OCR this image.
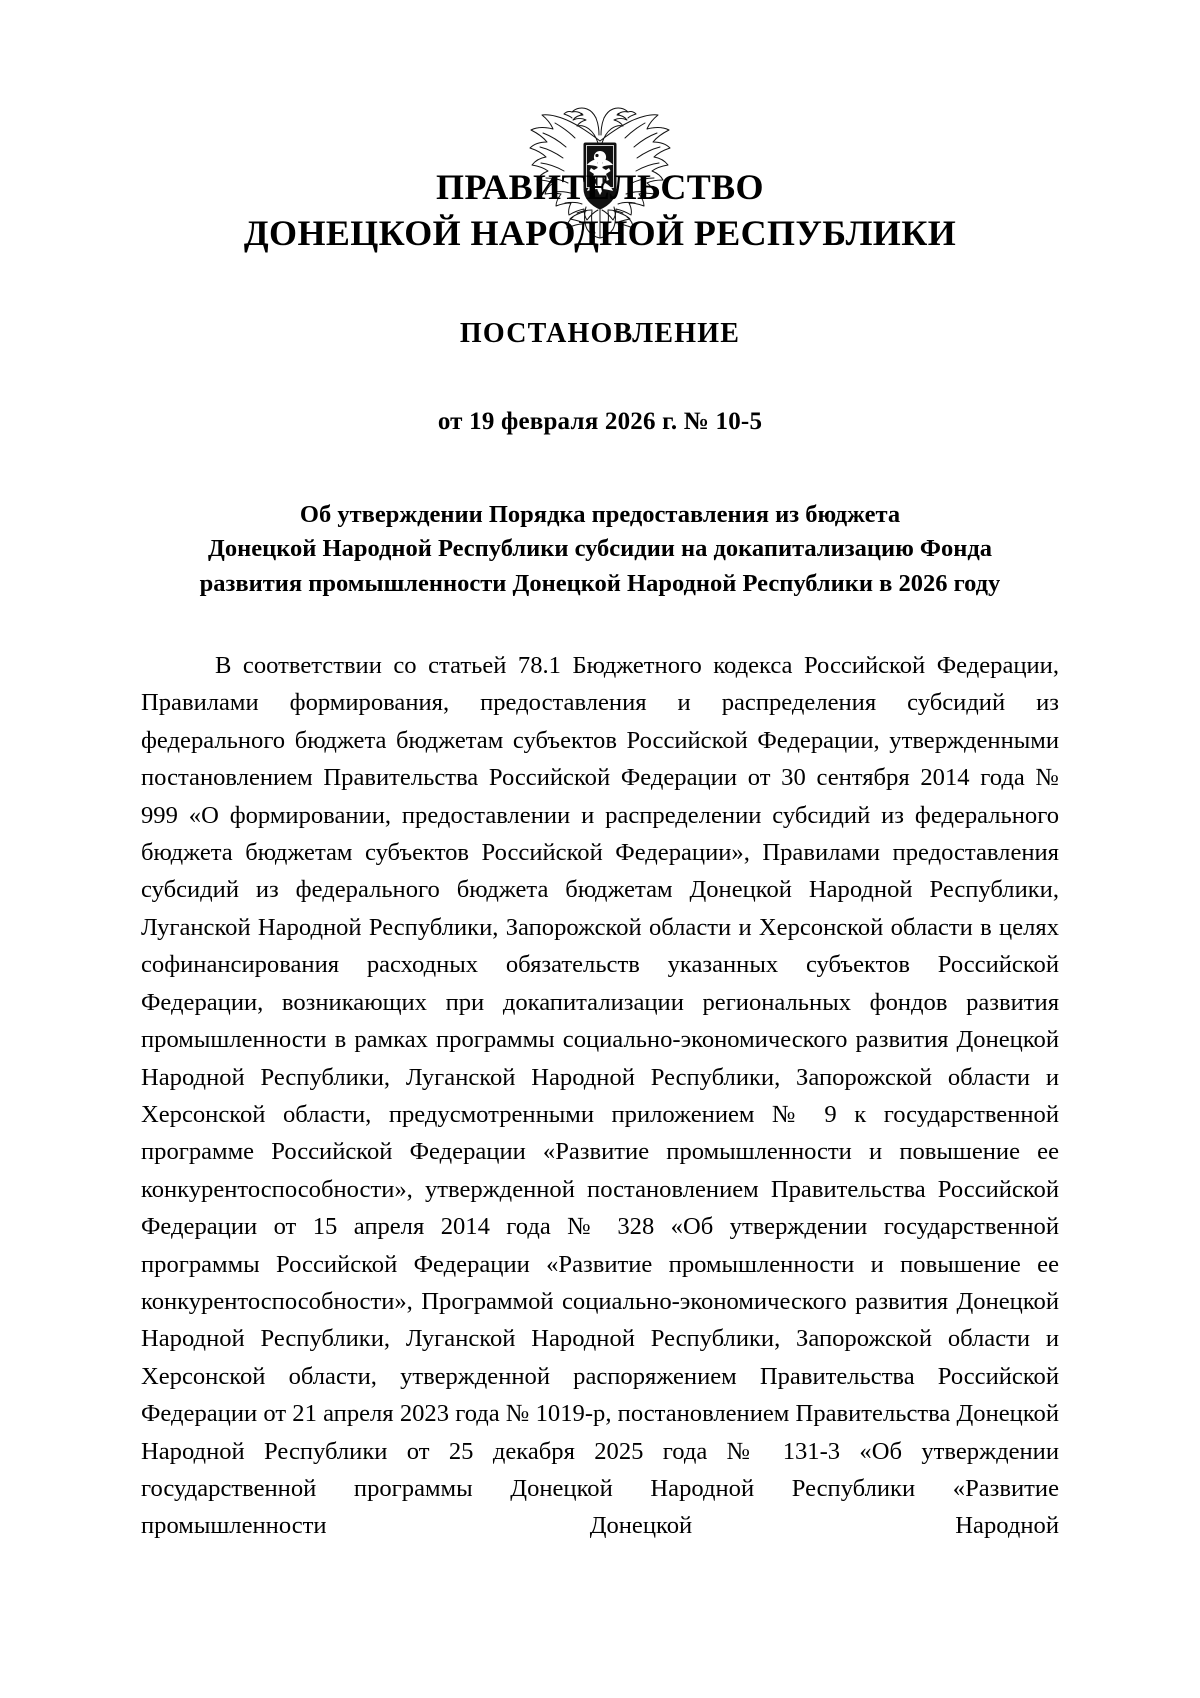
ПРАВИТЕЛЬСТВО
ДОНЕЦКОЙ НАРОДНОЙ РЕСПУБЛИКИ
ПОСТАНОВЛЕНИЕ
от 19 февраля 2026 г. № 10-5
Об утверждении Порядка предоставления из бюджета
Донецкой Народной Республики субсидии на докапитализацию Фонда
развития промышленности Донецкой Народной Республики в 2026 году

В соответствии со статьей 78.1 Бюджетного кодекса Российской Федерации, Правилами формирования, предоставления и распределения субсидий из федерального бюджета бюджетам субъектов Российской Федерации, утвержденными постановлением Правительства Российской Федерации от 30 сентября 2014 года № 999 «О формировании, предоставлении и распределении субсидий из федерального бюджета бюджетам субъектов Российской Федерации», Правилами предоставления субсидий из федерального бюджета бюджетам Донецкой Народной Республики, Луганской Народной Республики, Запорожской области и Херсонской области в целях софинансирования расходных обязательств указанных субъектов Российской Федерации, возникающих при докапитализации региональных фондов развития промышленности в рамках программы социально-экономического развития Донецкой Народной Республики, Луганской Народной Республики, Запорожской области и Херсонской области, предусмотренными приложением № 9 к государственной программе Российской Федерации «Развитие промышленности и повышение ее конкурентоспособности», утвержденной постановлением Правительства Российской Федерации от 15 апреля 2014 года № 328 «Об утверждении государственной программы Российской Федерации «Развитие промышленности и повышение ее конкурентоспособности», Программой социально-экономического развития Донецкой Народной Республики, Луганской Народной Республики, Запорожской области и Херсонской области, утвержденной распоряжением Правительства Российской Федерации от 21 апреля 2023 года № 1019-р, постановлением Правительства Донецкой Народной Республики от 25 декабря 2025 года № 131-3 «Об утверждении государственной программы Донецкой Народной Республики «Развитие промышленности Донецкой Народной
